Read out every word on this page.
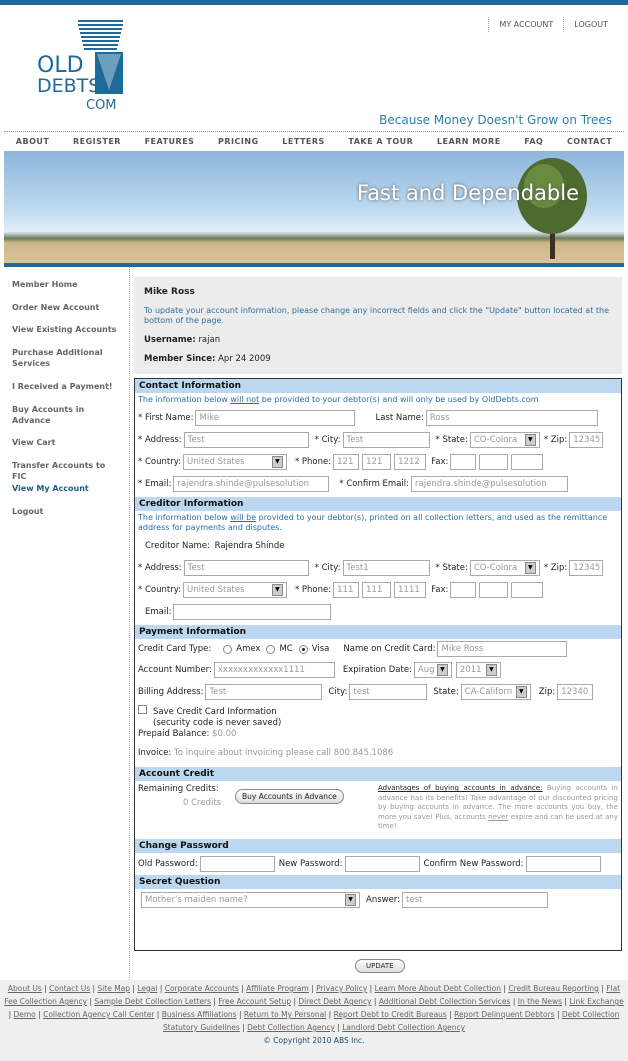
OLD
DEBTS
COM
MY ACCOUNT	LOGOUT
Because Money Doesn't Grow on Trees
ABOUT	REGISTER	FEATURES	PRICING	LETTERS	TAKE A TOUR	LEARN MORE	FAQ	CONTACT
Fast and Dependable
Member Home
Order New Account
View Existing Accounts
Purchase Additional Services
I Received a Payment!
Buy Accounts in Advance
View Cart
Transfer Accounts to FIC
View My Account
Logout
Mike Ross
To update your account information, please change any incorrect fields and click the "Update" button located at the bottom of the page.
Username: rajan
Member Since: Apr 24 2009
Contact Information
The information below will not be provided to your debtor(s) and will only be used by OldDebts.com
* First Name: Mike	Last Name: Ross
* Address: Test	* City: Test	* State: CO-Colora	▼	* Zip: 12345
* Country: United States	▼	* Phone: 121	121	1212	Fax:
* Email: rajendra.shinde@pulsesolution	* Confirm Email: rajendra.shinde@pulsesolution
Creditor Information
The information below will be provided to your debtor(s), printed on all collection letters, and used as the remittance address for payments and disputes.
Creditor Name:
Rajendra Shinde
* Address: Test	* City: Test1	* State: CO-Colora	▼	* Zip: 12345
* Country: United States	▼	* Phone: 111	111	1111	Fax:
Email:
Payment Information
Credit Card Type:	Amex MC Visa Name on Credit Card: Mike Ross
Account Number: xxxxxxxxxxxxx1111	Expiration Date: Aug ▼	2011	▼
Billing Address: Test	City: test	State: CA-Californ	▼	Zip: 12340
Save Credit Card Information
(security code is never saved)
Prepaid Balance: $0.00
Invoice: To inquire about invoicing please call 800.845.1086
Account Credit
Remaining Credits:
0 Credits
Buy Accounts in Advance
Advantages of buying accounts in advance: Buying accounts in advance has its benefits! Take advantage of our discounted pricing by buying accounts in advance. The more accounts you buy, the more you save! Plus, accounts never expire and can be used at any time!
Change Password
Old Password:	New Password:	Confirm New Password:
Secret Question
Mother's maiden name?	▼	Answer: test
UPDATE
About Us | Contact Us | Site Map | Legal | Corporate Accounts | Affiliate Program | Privacy Policy | Learn More About Debt Collection | Credit Bureau Reporting | Flat Fee Collection Agency | Sample Debt Collection Letters | Free Account Setup | Direct Debt Agency | Additional Debt Collection Services | In the News | Link Exchange | Demo | Collection Agency Call Center | Business Affiliations | Return to My Personal | Report Debt to Credit Bureaus | Report Delinquent Debtors | Debt Collection Statutory Guidelines | Debt Collection Agency | Landlord Debt Collection Agency
© Copyright 2010 ABS Inc.
